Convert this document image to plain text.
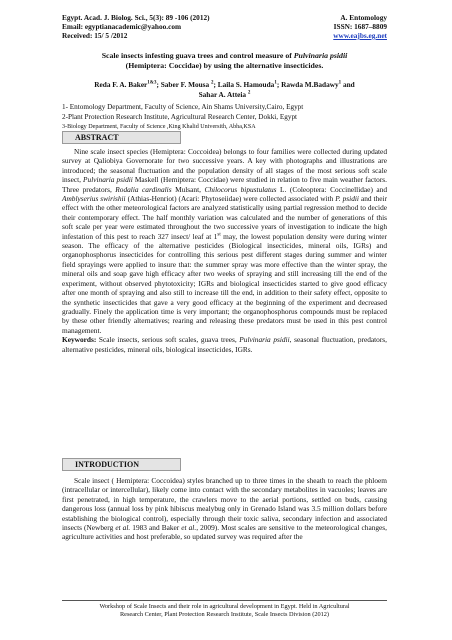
Egypt. Acad. J. Biolog. Sci., 5(3): 89 -106 (2012)	A. Entomology
Email: egyptianacademic@yahoo.com	ISSN: 1687–8809
Received: 15/ 5 /2012	www.eajbs.eg.net
Scale insects infesting guava trees and control measure of Pulvinaria psidii
(Hemiptera: Coccidae) by using the alternative insecticides.
Reda F. A. Baker$^{1\&3}$; Saber F. Mousa $^2$; Laila S. Hamouda$^1$; Rawda M.Badawy$^1$ and
Sahar A. Atteia $^2$
1- Entomology Department, Faculty of Science, Ain Shams University,Cairo, Egypt
2-Plant Protection Research Institute, Agricultural Research Center, Dokki, Egypt
3-Biology Department, Faculty of Science ,King Khalid Universith, Abha,KSA
ABSTRACT

Nine scale insect species (Hemiptera: Coccoidea) belongs to four families were collected during updated survey at Qaliobiya Governorate for two successive years. A key with photographs and illustrations are introduced; the seasonal fluctuation and the population density of all stages of the most serious soft scale insect, Pulvinaria psidii Maskell (Hemiptera: Coccidae) were studied in relation to five main weather factors. Three predators, Rodalia cardinalis Mulsant, Chilocorus bipustulatus L. (Coleoptera: Coccinellidae) and Amblyserius swirishii (Athias-Henriot) (Acari: Phytoseiidae) were collected associated with P. psidii and their effect with the other meteorological factors are analyzed statistically using partial regression method to decide their contemporary effect. The half monthly variation was calculated and the number of generations of this soft scale per year were estimated throughout the two successive years of investigation to indicate the high infestation of this pest to reach 327 insect/ leaf at 1st may, the lowest population density were during winter season. The efficacy of the alternative pesticides (Biological insecticides, mineral oils, IGRs) and organophosphorus insecticides for controlling this serious pest different stages during summer and winter field sprayings were applied to insure that: the summer spray was more effective than the winter spray, the mineral oils and soap gave high efficacy after two weeks of spraying and still increasing till the end of the experiment, without observed phytotoxicity; IGRs and biological insecticides started to give good efficacy after one month of spraying and also still to increase till the end, in addition to their safety effect, opposite to the synthetic insecticides that gave a very good efficacy at the beginning of the experiment and decreased gradually. Finely the application time is very important; the organophosphorus compounds must be replaced by these other friendly alternatives; rearing and releasing these predators must be used in this pest control management.

Keywords: Scale insects, serious soft scales, guava trees, Pulvinaria psidii, seasonal fluctuation, predators, alternative pesticides, mineral oils, biological insecticides, IGRs.

INTRODUCTION

Scale insect ( Hemiptera: Coccoidea) styles branched up to three times in the sheath to reach the phloem (intracellular or intercellular), likely come into contact with the secondary metabolites in vacuoles; leaves are first penetrated, in high temperature, the crawlers move to the aerial portions, settled on buds, causing dangerous loss (annual loss by pink hibiscus mealybug only in Grenado Island was 3.5 million dollars before establishing the biological control), especially through their toxic saliva, secondary infection and associated insects (Newberg et al. 1983 and Baker et al., 2009). Most scales are sensitive to the meteorological changes, agriculture activities and host preferable, so updated survey was required after the

Workshop of Scale Insects and their role in agricultural development in Egypt. Held in Agricultural
Research Center, Plant Protection Research Institute, Scale Insects Division (2012)
